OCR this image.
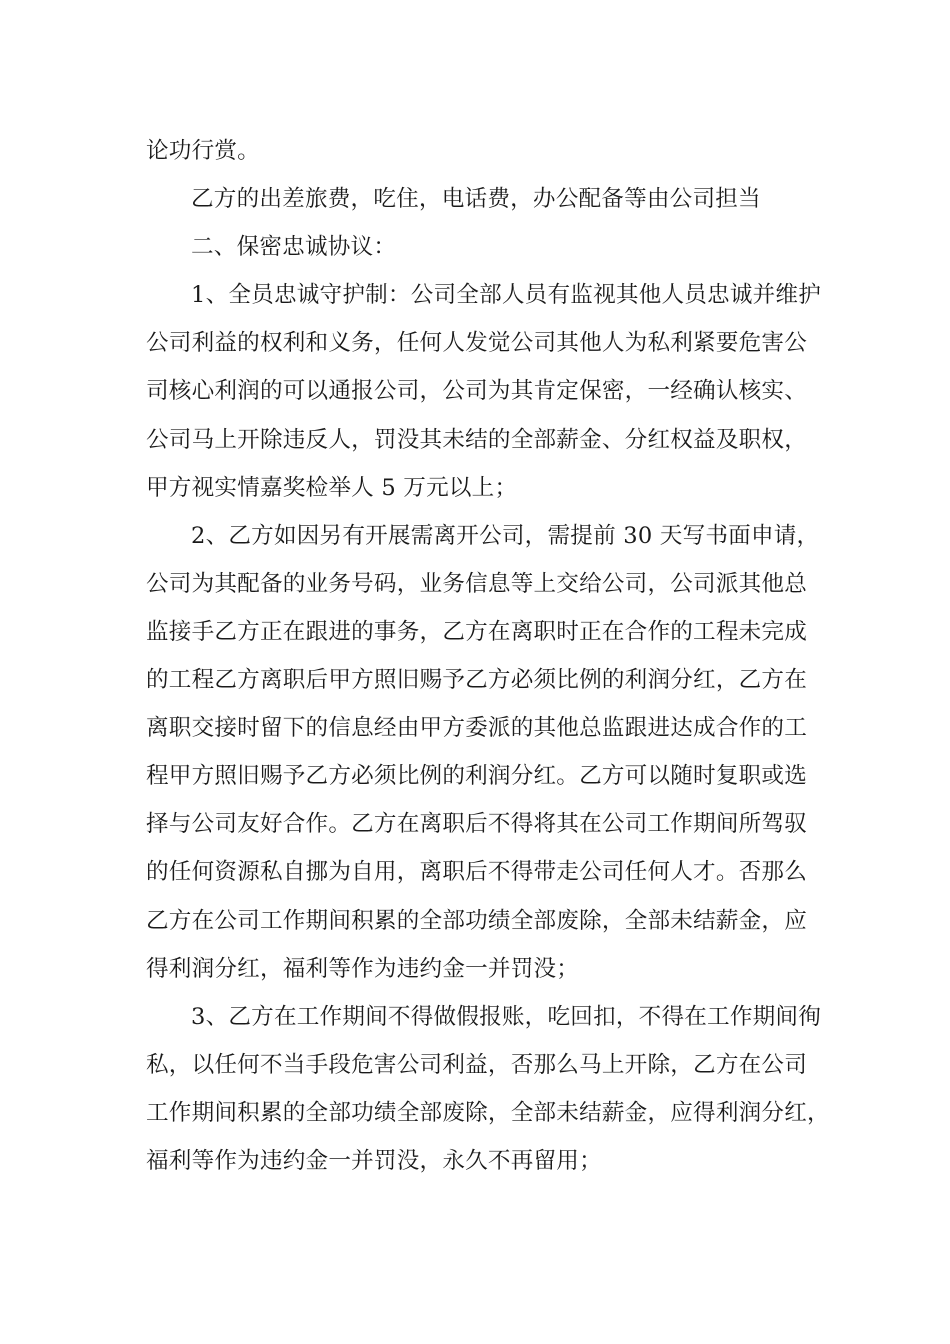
论功行赏。
乙方的出差旅费，吃住，电话费，办公配备等由公司担当
二、保密忠诚协议：
1、全员忠诚守护制：公司全部人员有监视其他人员忠诚并维护
公司利益的权利和义务，任何人发觉公司其他人为私利紧要危害公
司核心利润的可以通报公司，公司为其肯定保密，一经确认核实、
公司马上开除违反人，罚没其未结的全部薪金、分红权益及职权，
甲方视实情嘉奖检举人 5 万元以上；
2、乙方如因另有开展需离开公司，需提前 30 天写书面申请，
公司为其配备的业务号码，业务信息等上交给公司，公司派其他总
监接手乙方正在跟进的事务，乙方在离职时正在合作的工程未完成
的工程乙方离职后甲方照旧赐予乙方必须比例的利润分红，乙方在
离职交接时留下的信息经由甲方委派的其他总监跟进达成合作的工
程甲方照旧赐予乙方必须比例的利润分红。乙方可以随时复职或选
择与公司友好合作。乙方在离职后不得将其在公司工作期间所驾驭
的任何资源私自挪为自用，离职后不得带走公司任何人才。否那么
乙方在公司工作期间积累的全部功绩全部废除，全部未结薪金，应
得利润分红，福利等作为违约金一并罚没；
3、乙方在工作期间不得做假报账，吃回扣，不得在工作期间徇
私，以任何不当手段危害公司利益，否那么马上开除，乙方在公司
工作期间积累的全部功绩全部废除，全部未结薪金，应得利润分红，
福利等作为违约金一并罚没，永久不再留用；
